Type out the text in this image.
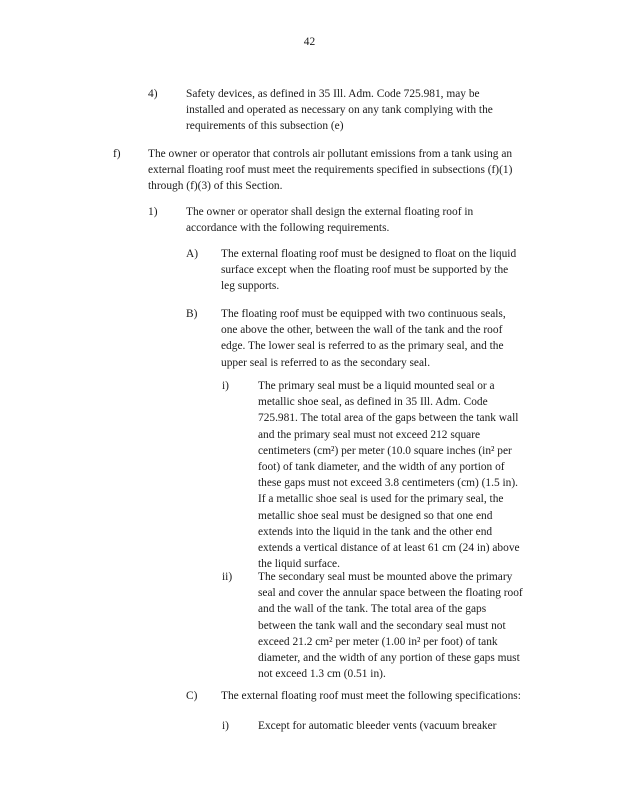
42
4)	Safety devices, as defined in 35 Ill. Adm. Code 725.981, may be

installed and operated as necessary on any tank complying with the

requirements of this subsection (e)

f) The owner or operator that controls air pollutant emissions from a tank using an

external floating roof must meet the requirements specified in subsections (f)(1)

through (f)(3) of this Section.

1)	The owner or operator shall design the external floating roof in

accordance with the following requirements.

A) The external floating roof must be designed to float on the liquid

surface except when the floating roof must be supported by the

leg supports.

B) The floating roof must be equipped with two continuous seals,

one above the other, between the wall of the tank and the roof

edge. The lower seal is referred to as the primary seal, and the

upper seal is referred to as the secondary seal.

i)	The primary seal must be a liquid mounted seal or a

metallic shoe seal, as defined in 35 Ill. Adm. Code

725.981. The total area of the gaps between the tank wall

and the primary seal must not exceed 212 square

centimeters (cm²) per meter (10.0 square inches (in² per

foot) of tank diameter, and the width of any portion of

these gaps must not exceed 3.8 centimeters (cm) (1.5 in).

If a metallic shoe seal is used for the primary seal, the

metallic shoe seal must be designed so that one end

extends into the liquid in the tank and the other end

extends a vertical distance of at least 61 cm (24 in) above

the liquid surface.

ii) The secondary seal must be mounted above the primary

seal and cover the annular space between the floating roof

and the wall of the tank. The total area of the gaps

between the tank wall and the secondary seal must not

exceed 21.2 cm² per meter (1.00 in² per foot) of tank

diameter, and the width of any portion of these gaps must

not exceed 1.3 cm (0.51 in).

C) The external floating roof must meet the following specifications:

i)	Except for automatic bleeder vents (vacuum breaker
